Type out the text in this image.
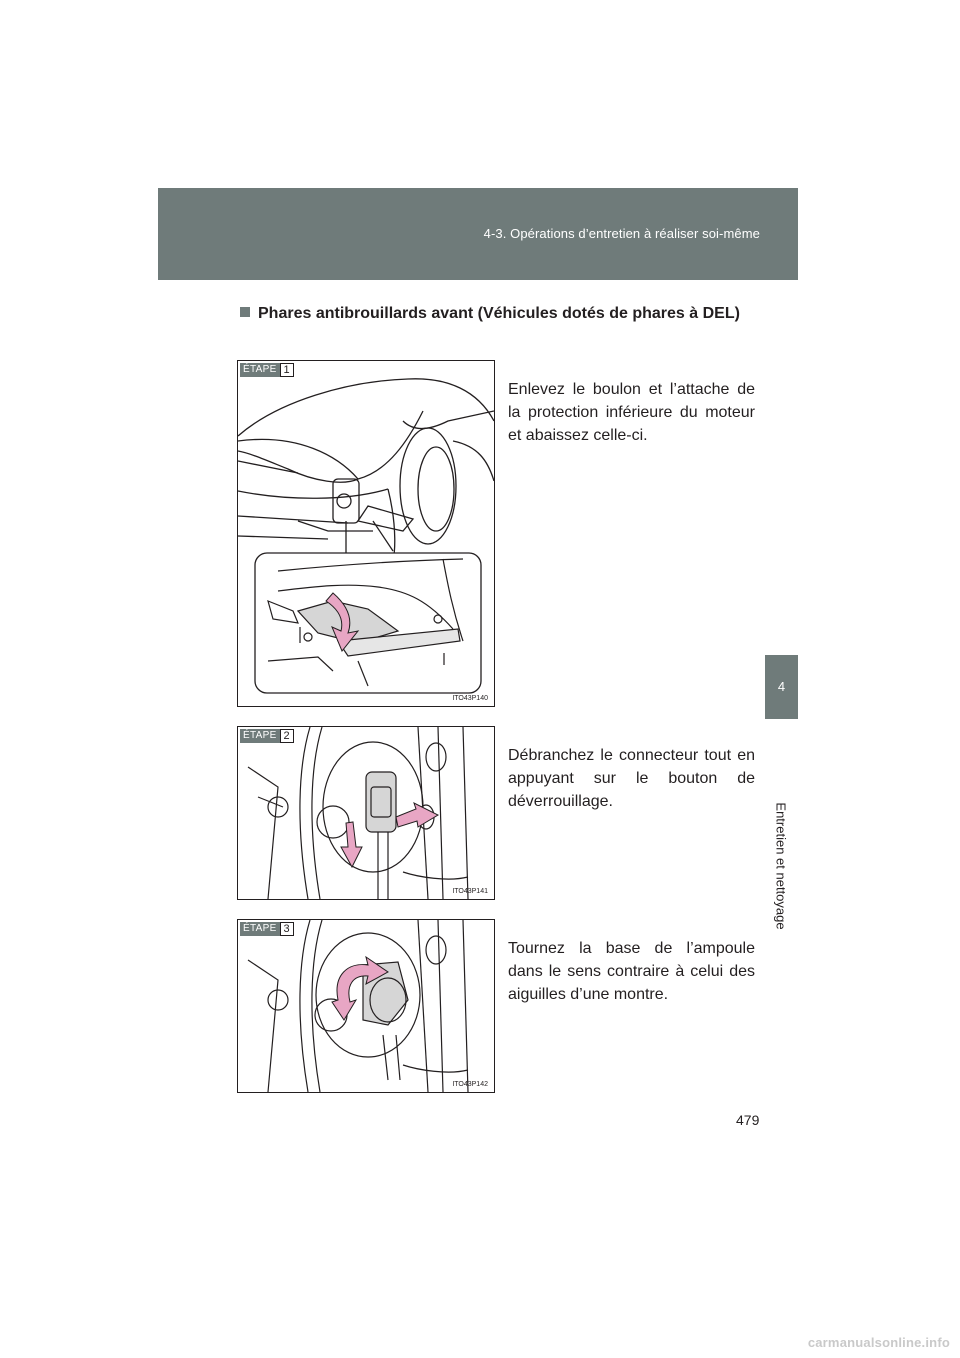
4-3. Opérations d’entretien à réaliser soi-même
4
Entretien et nettoyage
Phares antibrouillards avant (Véhicules dotés de phares à DEL)
ÉTAPE 1
ITO43P140
Enlevez le boulon et l’attache de la protection inférieure du moteur et abaissez celle-ci.
ÉTAPE 2
ITO43P141
Débranchez le connecteur tout en appuyant sur le bouton de déverrouillage.
ÉTAPE 3
ITO43P142
Tournez la base de l’ampoule dans le sens contraire à celui des aiguilles d’une montre.
479
carmanualsonline.info
